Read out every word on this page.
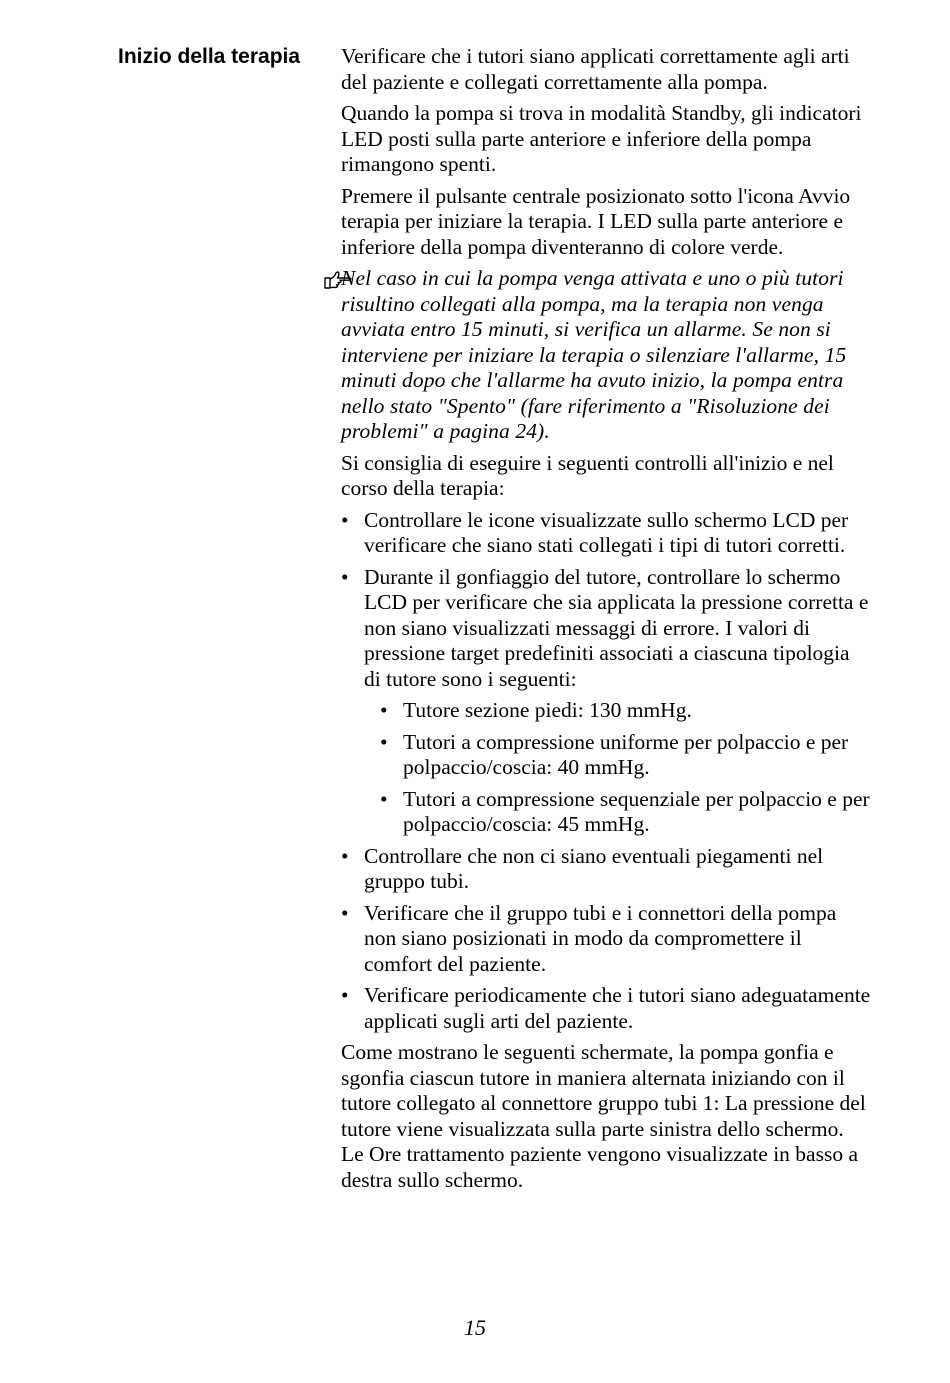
Inizio della terapia Verificare che i tutori siano applicati correttamente agli arti del paziente e collegati correttamente alla pompa.

Quando la pompa si trova in modalità Standby, gli indicatori LED posti sulla parte anteriore e inferiore della pompa rimangono spenti.

Premere il pulsante centrale posizionato sotto l'icona Avvio terapia per iniziare la terapia. I LED sulla parte anteriore e inferiore della pompa diventeranno di colore verde.

Nel caso in cui la pompa venga attivata e uno o più tutori risultino collegati alla pompa, ma la terapia non venga avviata entro 15 minuti, si verifica un allarme. Se non si interviene per iniziare la terapia o silenziare l'allarme, 15 minuti dopo che l'allarme ha avuto inizio, la pompa entra nello stato "Spento" (fare riferimento a "Risoluzione dei problemi" a pagina 24).

Si consiglia di eseguire i seguenti controlli all'inizio e nel corso della terapia:

• Controllare le icone visualizzate sullo schermo LCD per verificare che siano stati collegati i tipi di tutori corretti.
• Durante il gonfiaggio del tutore, controllare lo schermo LCD per verificare che sia applicata la pressione corretta e non siano visualizzati messaggi di errore. I valori di pressione target predefiniti associati a ciascuna tipologia di tutore sono i seguenti:
• Tutore sezione piedi: 130 mmHg.
• Tutori a compressione uniforme per polpaccio e per polpaccio/coscia: 40 mmHg.
• Tutori a compressione sequenziale per polpaccio e per polpaccio/coscia: 45 mmHg.
• Controllare che non ci siano eventuali piegamenti nel gruppo tubi.
• Verificare che il gruppo tubi e i connettori della pompa non siano posizionati in modo da compromettere il comfort del paziente.
• Verificare periodicamente che i tutori siano adeguatamente applicati sugli arti del paziente.

Come mostrano le seguenti schermate, la pompa gonfia e sgonfia ciascun tutore in maniera alternata iniziando con il tutore collegato al connettore gruppo tubi 1: La pressione del tutore viene visualizzata sulla parte sinistra dello schermo. Le Ore trattamento paziente vengono visualizzate in basso a destra sullo schermo.

15
